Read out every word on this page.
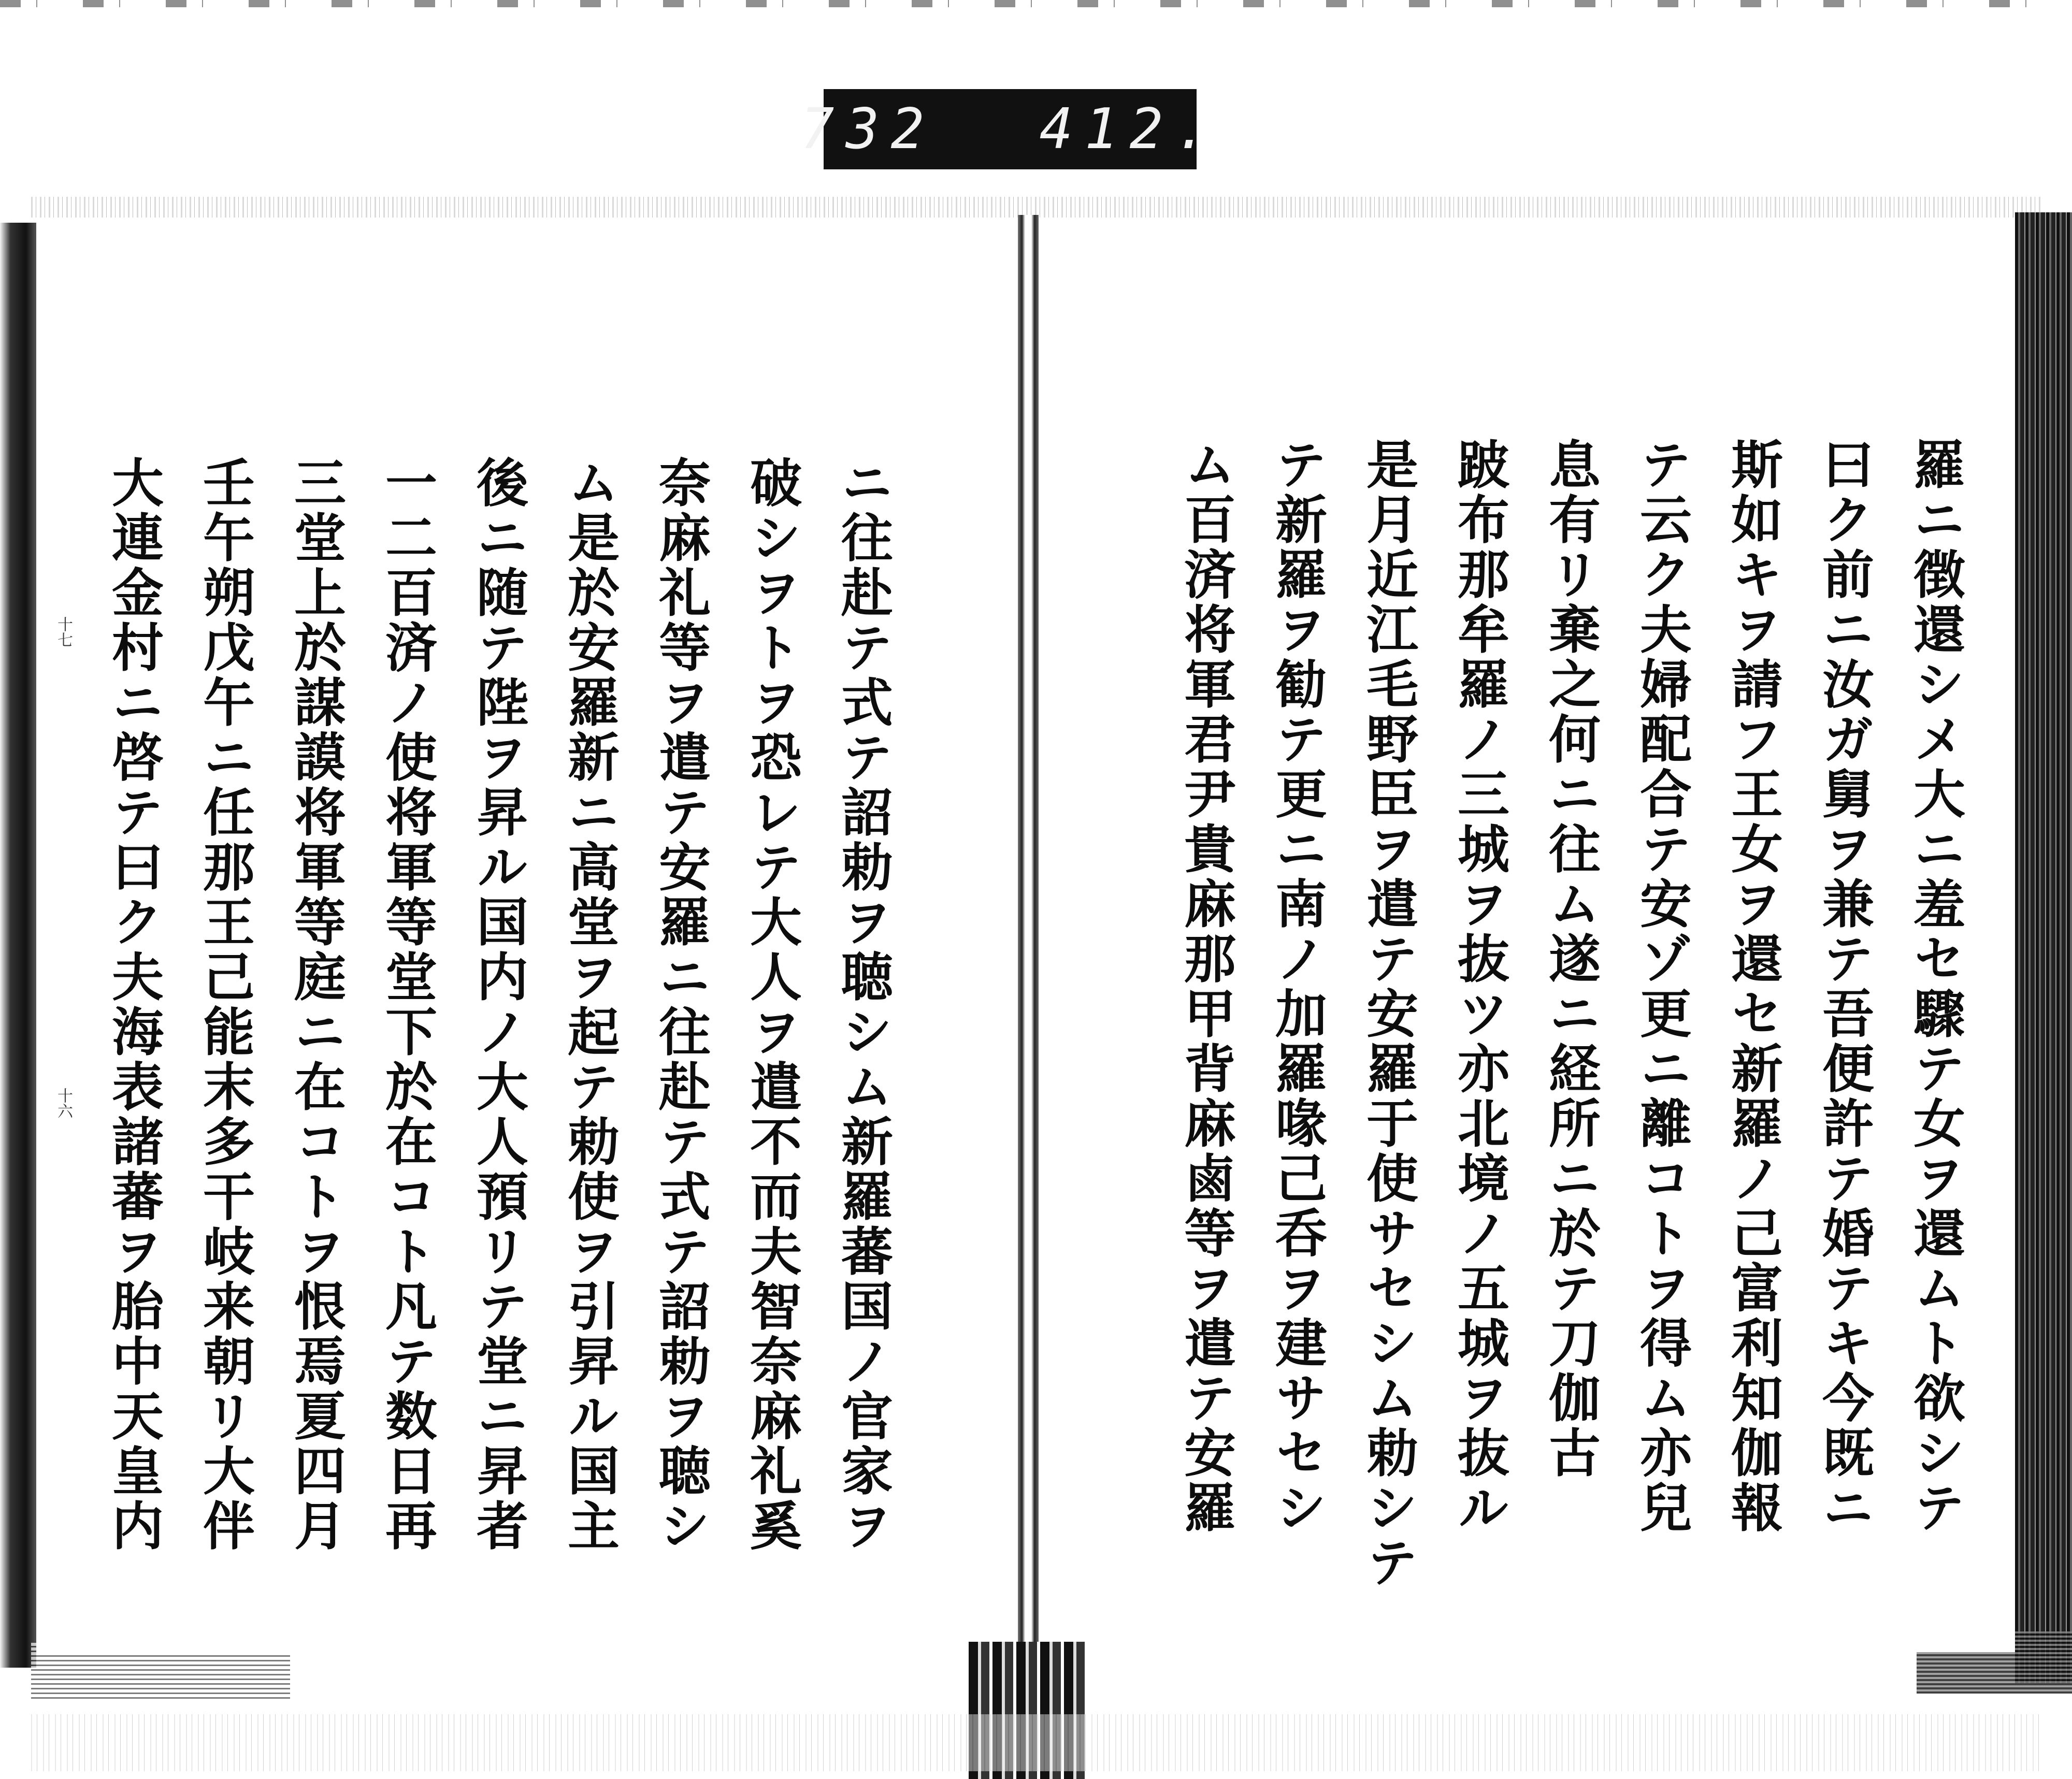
732 412.
羅ニ徴還シメ大ニ羞セ驟テ女ヲ還ムト欲シテ
曰ク前ニ汝ガ舅ヲ兼テ吾便許テ婚テキ今既ニ
斯如キヲ請フ王女ヲ還セ新羅ノ己富利知伽報
テ云ク夫婦配合テ安ゾ更ニ離コトヲ得ム亦兒
息有リ棄之何ニ往ム遂ニ経所ニ於テ刀伽古
跛布那牟羅ノ三城ヲ抜ツ亦北境ノ五城ヲ抜ル
是月近江毛野臣ヲ遣テ安羅于使サセシム勅シテ
テ新羅ヲ勧テ更ニ南ノ加羅喙己呑ヲ建サセシ
ム百済将軍君尹貴麻那甲背麻鹵等ヲ遣テ安羅
ニ往赴テ式テ詔勅ヲ聴シム新羅蕃国ノ官家ヲ
破シヲトヲ恐レテ大人ヲ遣不而夫智奈麻礼奚
奈麻礼等ヲ遣テ安羅ニ往赴テ式テ詔勅ヲ聴シ
ム是於安羅新ニ高堂ヲ起テ勅使ヲ引昇ル国主
後ニ随テ陛ヲ昇ル国内ノ大人預リテ堂ニ昇者
一二百済ノ使将軍等堂下於在コト凡テ数日再
三堂上於謀謨将軍等庭ニ在コトヲ恨焉夏四月
壬午朔戊午ニ任那王己能末多干岐来朝リ大伴
大連金村ニ啓テ曰ク夫海表諸蕃ヲ胎中天皇内
十七
十六
